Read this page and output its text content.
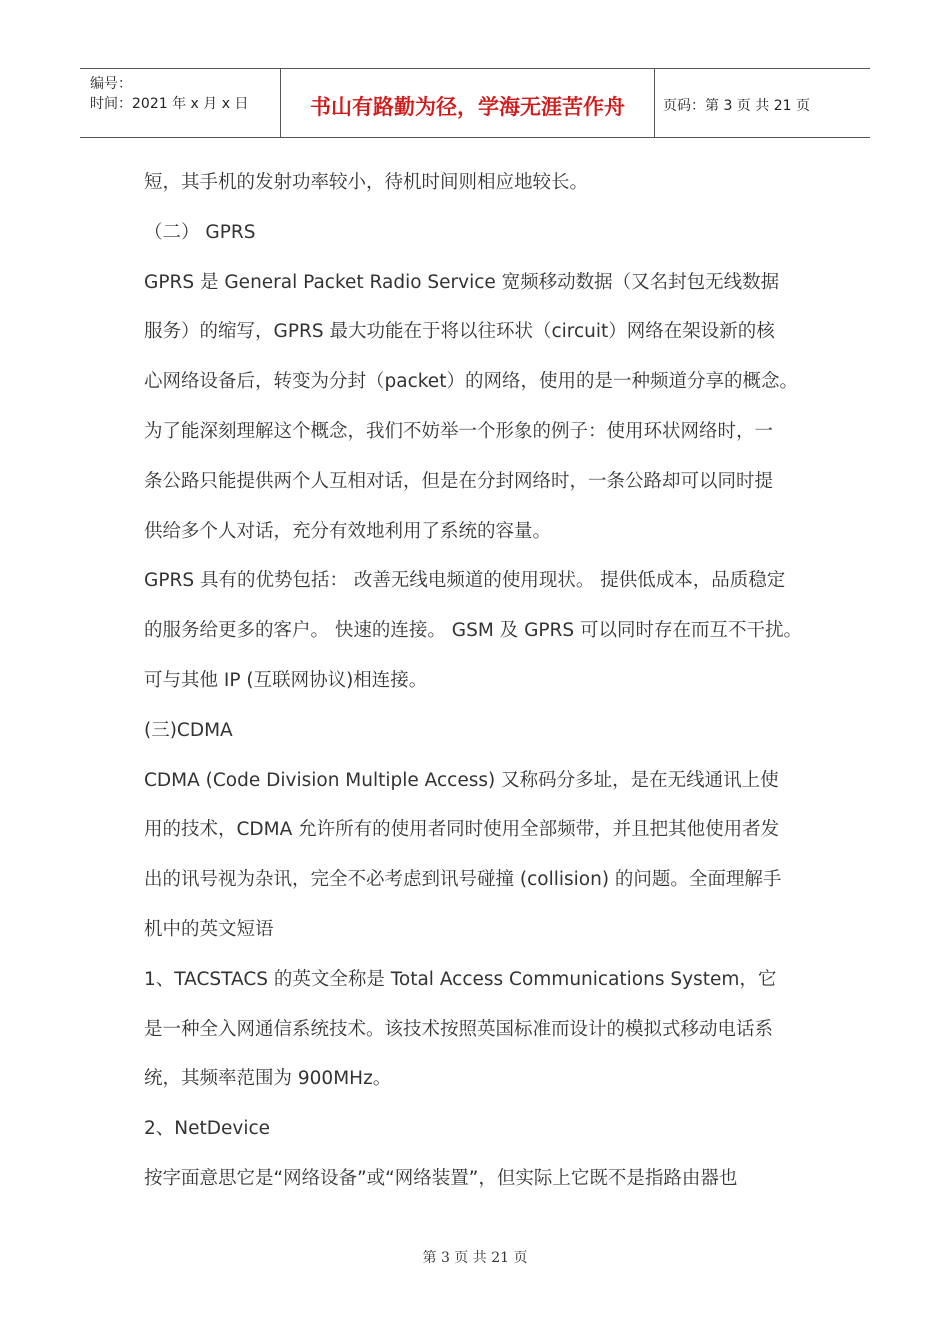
编号：
时间：2021 年 x 月 x 日	书山有路勤为径，学海无涯苦作舟	页码：第 3 页 共 21 页
短，其手机的发射功率较小，待机时间则相应地较长。
（二） GPRS
GPRS 是 General Packet Radio Service 宽频移动数据（又名封包无线数据
服务）的缩写，GPRS 最大功能在于将以往环状（circuit）网络在架设新的核
心网络设备后，转变为分封（packet）的网络，使用的是一种频道分享的概念。
为了能深刻理解这个概念，我们不妨举一个形象的例子：使用环状网络时，一
条公路只能提供两个人互相对话，但是在分封网络时，一条公路却可以同时提
供给多个人对话，充分有效地利用了系统的容量。
GPRS 具有的优势包括： 改善无线电频道的使用现状。 提供低成本，品质稳定
的服务给更多的客户。 快速的连接。 GSM 及 GPRS 可以同时存在而互不干扰。
可与其他 IP (互联网协议)相连接。
(三)CDMA
CDMA (Code Division Multiple Access) 又称码分多址，是在无线通讯上使
用的技术，CDMA 允许所有的使用者同时使用全部频带，并且把其他使用者发
出的讯号视为杂讯，完全不必考虑到讯号碰撞 (collision) 的问题。全面理解手
机中的英文短语
1、TACSTACS 的英文全称是 Total Access Communications System，它
是一种全入网通信系统技术。该技术按照英国标准而设计的模拟式移动电话系
统，其频率范围为 900MHz。
2、NetDevice
按字面意思它是“网络设备”或“网络装置”，但实际上它既不是指路由器也
第 3 页 共 21 页
